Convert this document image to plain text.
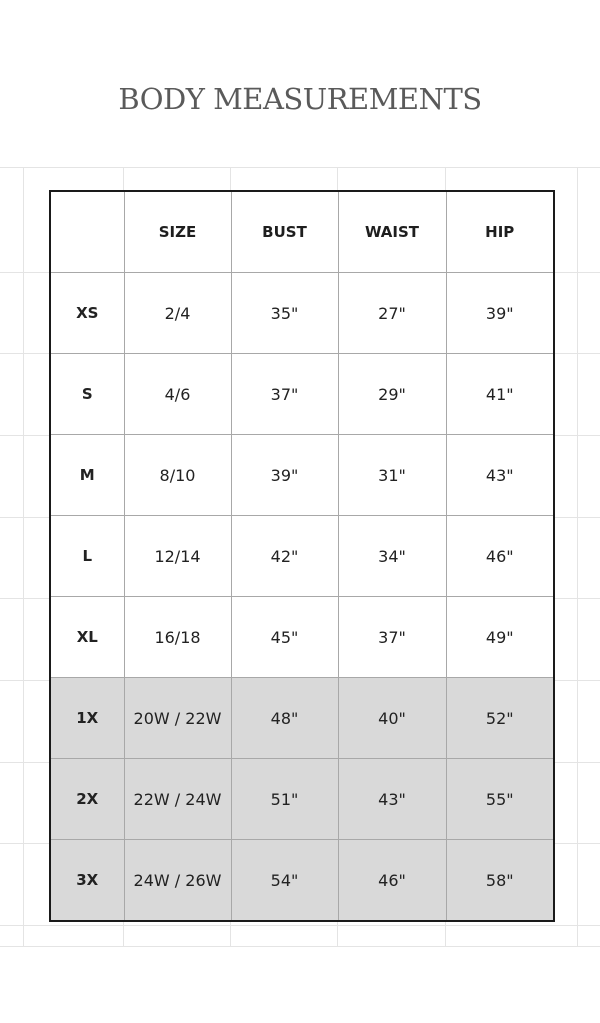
BODY MEASUREMENTS
	SIZE	BUST	WAIST	HIP
XS	2/4	35"	27"	39"
S	4/6	37"	29"	41"
M	8/10	39"	31"	43"
L	12/14	42"	34"	46"
XL	16/18	45"	37"	49"
1X	20W / 22W	48"	40"	52"
2X	22W / 24W	51"	43"	55"
3X	24W / 26W	54"	46"	58"
